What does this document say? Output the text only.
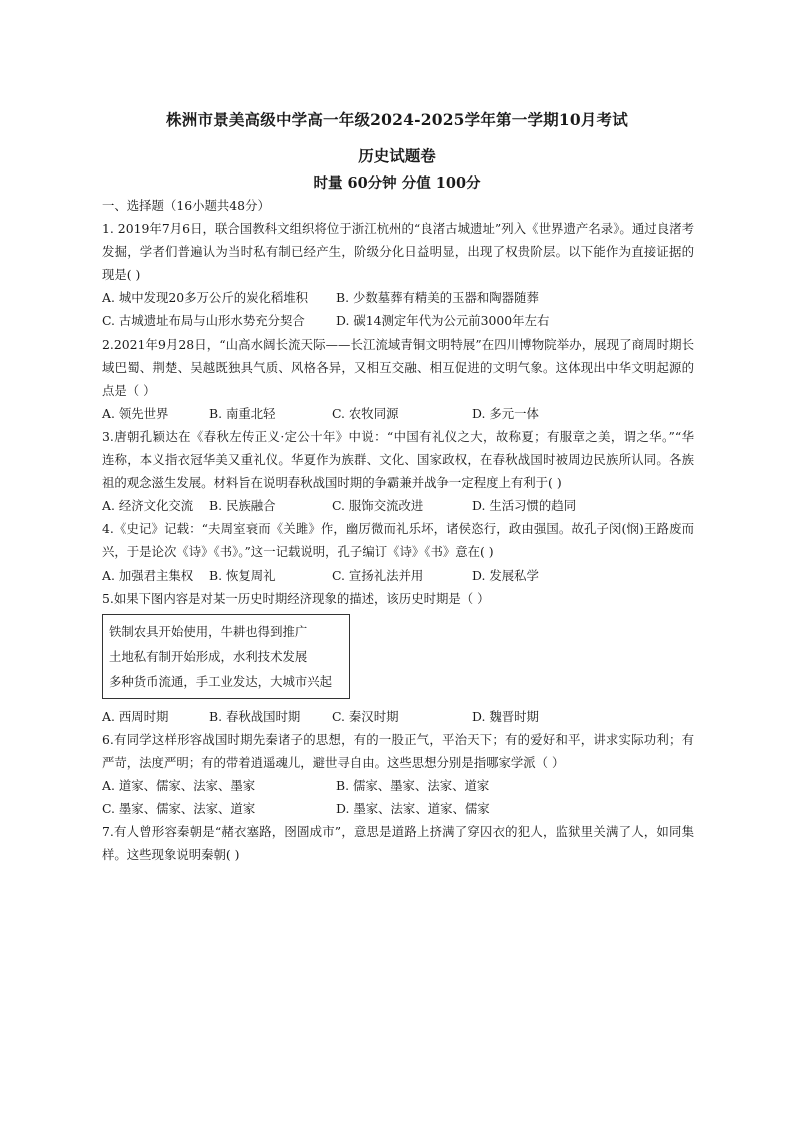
株洲市景美高级中学高一年级2024-2025学年第一学期10月考试
历史试题卷
时量 60分钟 分值 100分
一、选择题（16小题共48分）
1. 2019年7月6日，联合国教科文组织将位于浙江杭州的“良渚古城遗址”列入《世界遗产名录》。通过良渚考
发掘，学者们普遍认为当时私有制已经产生，阶级分化日益明显，出现了权贵阶层。以下能作为直接证据的
现是( )
A. 城中发现20多万公斤的炭化稻堆积	B. 少数墓葬有精美的玉器和陶器随葬
C. 古城遗址布局与山形水势充分契合	D. 碳14测定年代为公元前3000年左右
2.2021年9月28日，“山高水阔长流天际——长江流域青铜文明特展”在四川博物院举办，展现了商周时期长
域巴蜀、荆楚、吴越既独具气质、风格各异，又相互交融、相互促进的文明气象。这体现出中华文明起源的
点是（ ）
A. 领先世界	B. 南重北轻	C. 农牧同源	D. 多元一体
3.唐朝孔颖达在《春秋左传正义·定公十年》中说：“中国有礼仪之大，故称夏；有服章之美，谓之华。”“华
连称，本义指衣冠华美又重礼仪。华夏作为族群、文化、国家政权，在春秋战国时被周边民族所认同。各族
祖的观念滋生发展。材料旨在说明春秋战国时期的争霸兼并战争一定程度上有利于( )
A. 经济文化交流	B. 民族融合	C. 服饰交流改进	D. 生活习惯的趋同
4.《史记》记载：“夫周室衰而《关雎》作，幽厉微而礼乐坏，诸侯恣行，政由强国。故孔子闵(悯)王路废而
兴，于是论次《诗》《书》。”这一记载说明，孔子编订《诗》《书》意在( )
A. 加强君主集权	B. 恢复周礼	C. 宣扬礼法并用	D. 发展私学
5.如果下图内容是对某一历史时期经济现象的描述，该历史时期是（ ）
铁制农具开始使用，牛耕也得到推广
土地私有制开始形成，水利技术发展
多种货币流通，手工业发达，大城市兴起
A. 西周时期	B. 春秋战国时期	C. 秦汉时期	D. 魏晋时期
6.有同学这样形容战国时期先秦诸子的思想，有的一股正气，平治天下；有的爱好和平，讲求实际功利；有
严苛，法度严明；有的带着逍遥魂儿，避世寻自由。这些思想分别是指哪家学派（ ）
A. 道家、儒家、法家、墨家	B. 儒家、墨家、法家、道家
C. 墨家、儒家、法家、道家	D. 墨家、法家、道家、儒家
7.有人曾形容秦朝是“赭衣塞路，囹圄成市”，意思是道路上挤满了穿囚衣的犯人，监狱里关满了人，如同集
样。这些现象说明秦朝( )
